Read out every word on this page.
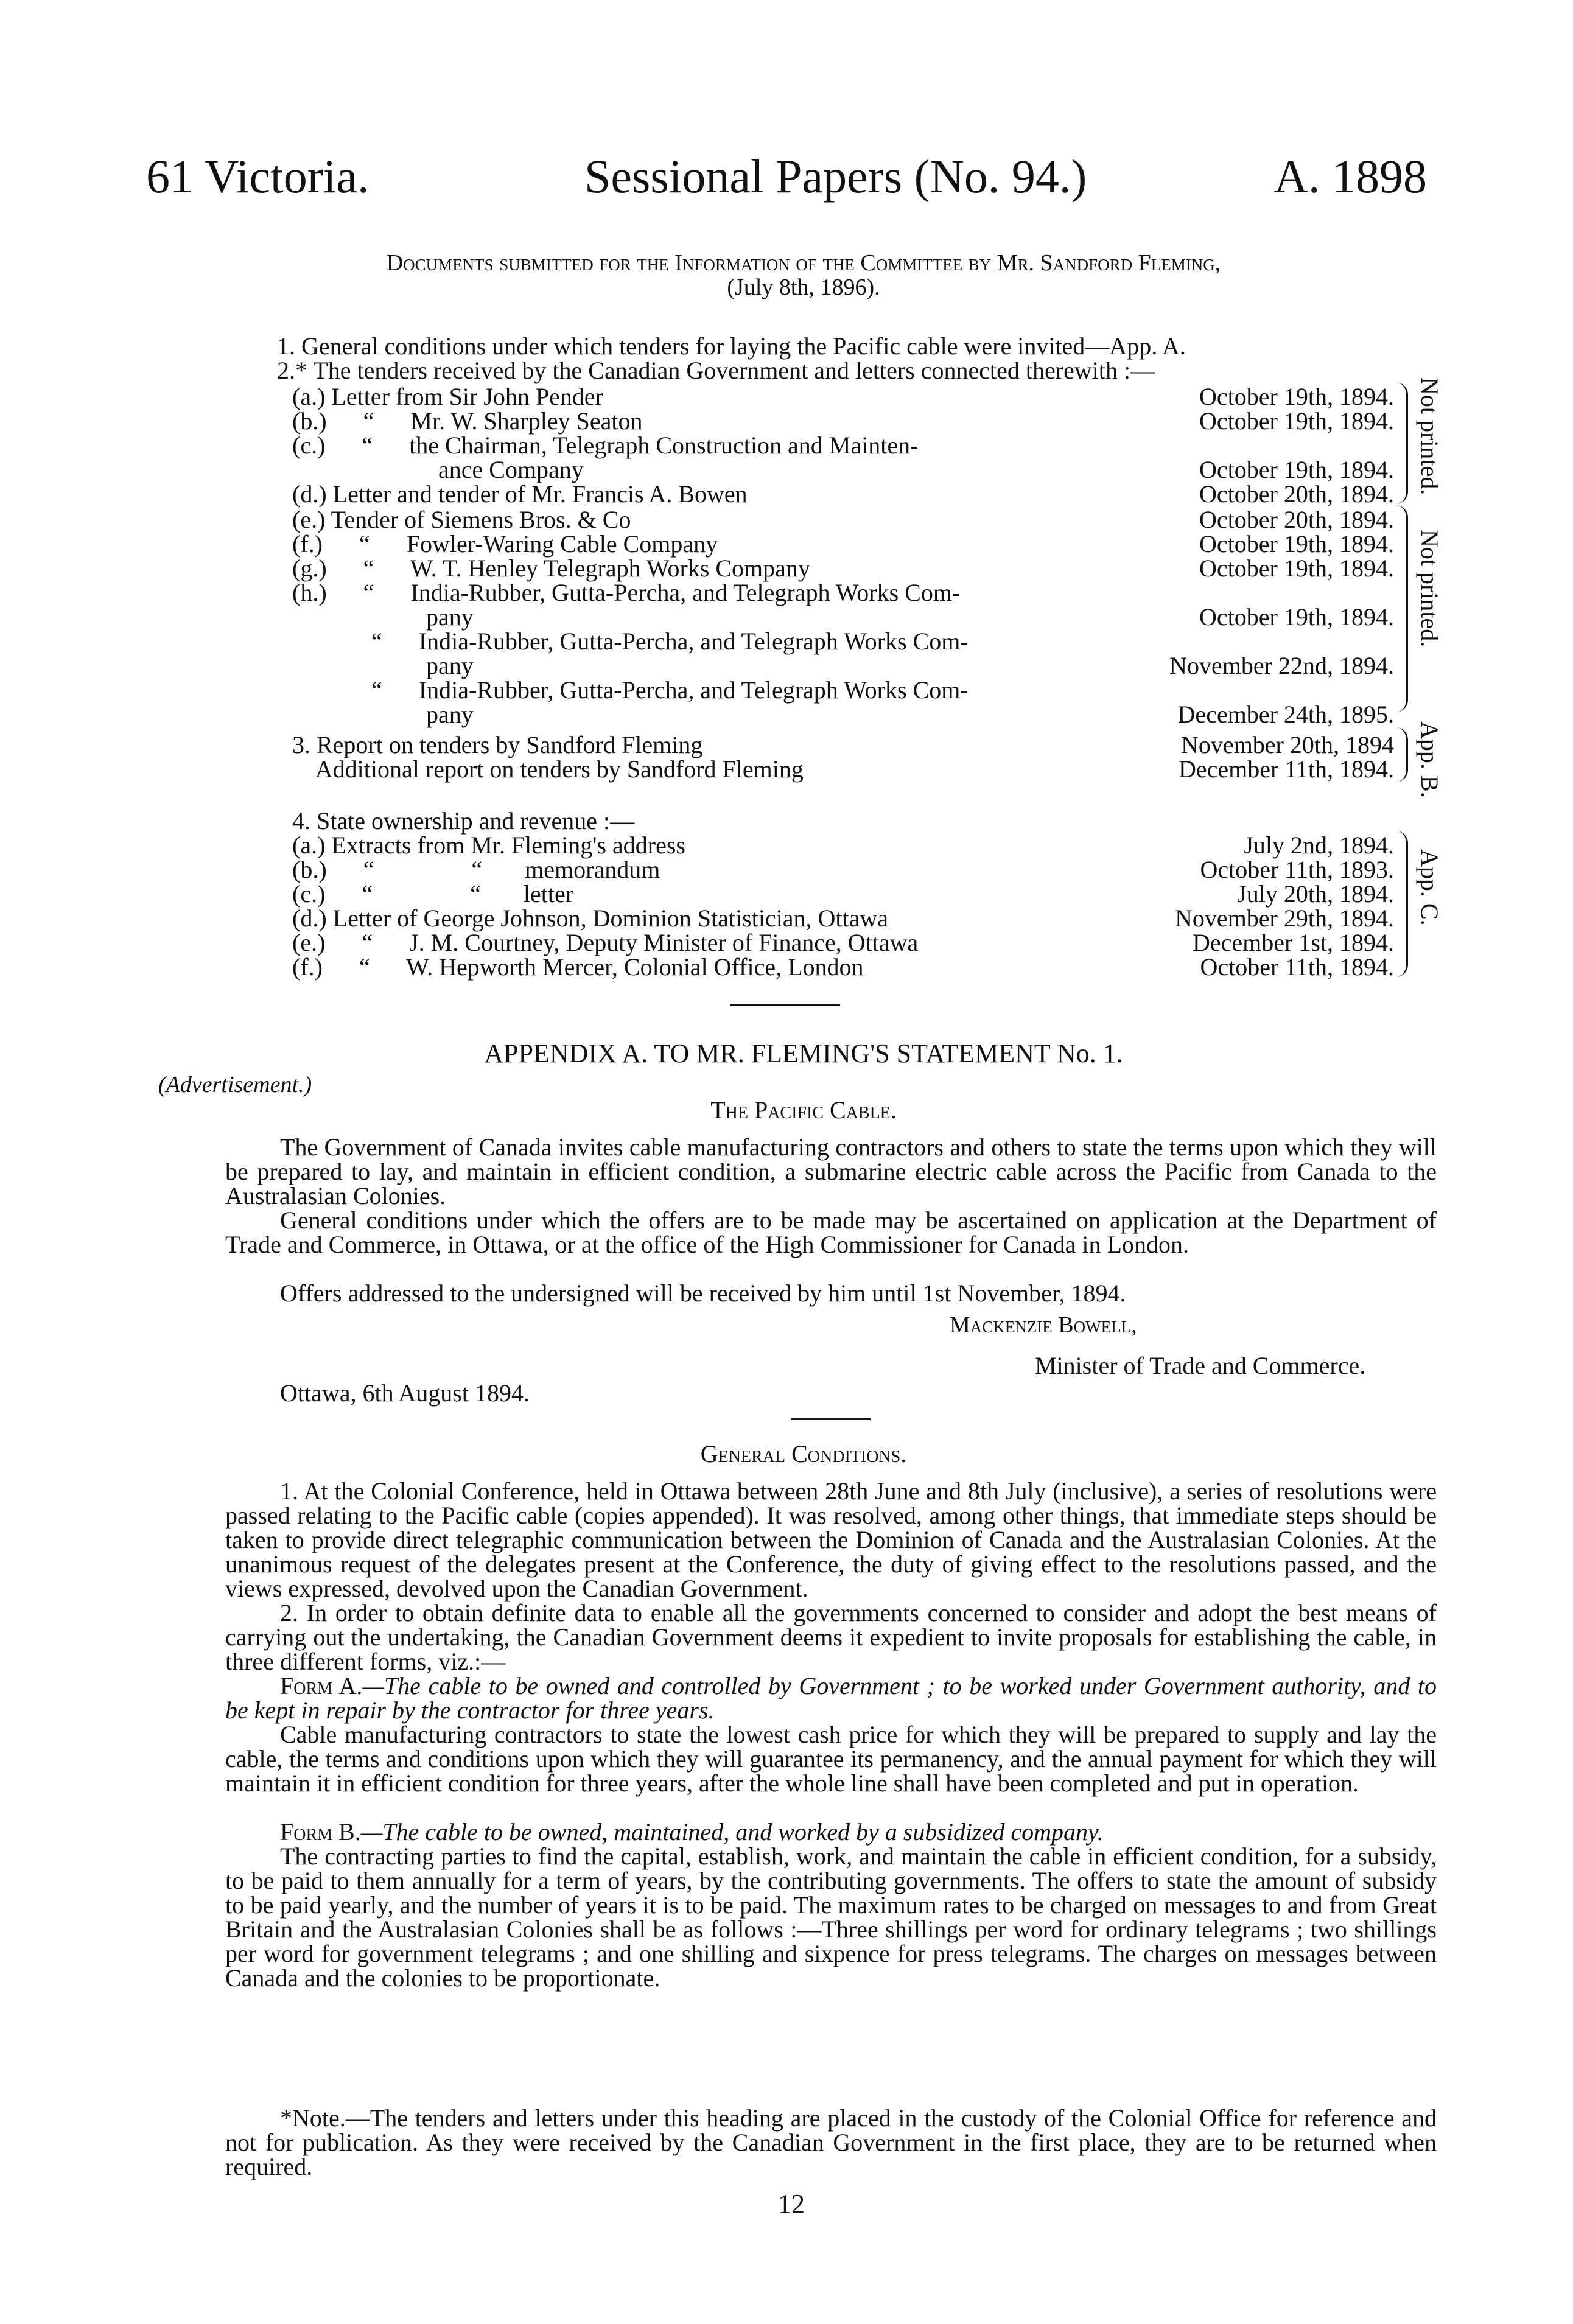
61 Victoria.	Sessional Papers (No. 94.)	A. 1898
Documents submitted for the Information of the Committee by Mr. Sandford Fleming,
(July 8th, 1896).
1. General conditions under which tenders for laying the Pacific cable were invited—App. A.
2.* The tenders received by the Canadian Government and letters connected therewith :—
(a.) Letter from Sir John Pender	October 19th, 1894.
(b.)      “      Mr. W. Sharpley Seaton	October 19th, 1894.
(c.)      “      the Chairman, Telegraph Construction and Mainten-
ance Company	October 19th, 1894.
(d.) Letter and tender of Mr. Francis A. Bowen	October 20th, 1894. Not printed.
(e.) Tender of Siemens Bros. & Co	October 20th, 1894.
(f.)      “      Fowler-Waring Cable Company	October 19th, 1894.
(g.)      “      W. T. Henley Telegraph Works Company	October 19th, 1894.
(h.)      “      India-Rubber, Gutta-Percha, and Telegraph Works Com-
pany	October 19th, 1894.
“      India-Rubber, Gutta-Percha, and Telegraph Works Com-
pany	November 22nd, 1894.
“      India-Rubber, Gutta-Percha, and Telegraph Works Com-
pany	December 24th, 1895.
Not printed.
3. Report on tenders by Sandford Fleming	November 20th, 1894
Additional report on tenders by Sandford Fleming	December 11th, 1894. App. B.
4. State ownership and revenue :—
(a.) Extracts from Mr. Fleming's address	July 2nd, 1894.
(b.)      “                “       memorandum	October 11th, 1893.
(c.)      “                “       letter	July 20th, 1894.
(d.) Letter of George Johnson, Dominion Statistician, Ottawa	November 29th, 1894.
(e.)      “      J. M. Courtney, Deputy Minister of Finance, Ottawa	December 1st, 1894.
(f.)      “      W. Hepworth Mercer, Colonial Office, London	October 11th, 1894.
App. C.
APPENDIX A. TO MR. FLEMING'S STATEMENT No. 1.
(Advertisement.)
The Pacific Cable.
The Government of Canada invites cable manufacturing contractors and others to state the terms upon which they will be prepared to lay, and maintain in efficient condition, a submarine electric cable across the Pacific from Canada to the Australasian Colonies.
General conditions under which the offers are to be made may be ascertained on application at the Department of Trade and Commerce, in Ottawa, or at the office of the High Commissioner for Canada in London.
Offers addressed to the undersigned will be received by him until 1st November, 1894.
Mackenzie Bowell,
Minister of Trade and Commerce.
Ottawa, 6th August 1894.
General Conditions.
1. At the Colonial Conference, held in Ottawa between 28th June and 8th July (inclusive), a series of resolutions were passed relating to the Pacific cable (copies appended). It was resolved, among other things, that immediate steps should be taken to provide direct telegraphic communication between the Dominion of Canada and the Australasian Colonies. At the unanimous request of the delegates present at the Conference, the duty of giving effect to the resolutions passed, and the views expressed, devolved upon the Canadian Government.
2. In order to obtain definite data to enable all the governments concerned to consider and adopt the best means of carrying out the undertaking, the Canadian Government deems it expedient to invite proposals for establishing the cable, in three different forms, viz.:—
Form A.—The cable to be owned and controlled by Government ; to be worked under Government authority, and to be kept in repair by the contractor for three years.
Cable manufacturing contractors to state the lowest cash price for which they will be prepared to supply and lay the cable, the terms and conditions upon which they will guarantee its permanency, and the annual payment for which they will maintain it in efficient condition for three years, after the whole line shall have been completed and put in operation.
Form B.—The cable to be owned, maintained, and worked by a subsidized company.
The contracting parties to find the capital, establish, work, and maintain the cable in efficient condition, for a subsidy, to be paid to them annually for a term of years, by the contributing governments. The offers to state the amount of subsidy to be paid yearly, and the number of years it is to be paid. The maximum rates to be charged on messages to and from Great Britain and the Australasian Colonies shall be as follows :—Three shillings per word for ordinary telegrams ; two shillings per word for government telegrams ; and one shilling and sixpence for press telegrams. The charges on messages between Canada and the colonies to be proportionate.
*Note.—The tenders and letters under this heading are placed in the custody of the Colonial Office for reference and not for publication. As they were received by the Canadian Government in the first place, they are to be returned when required.
12
